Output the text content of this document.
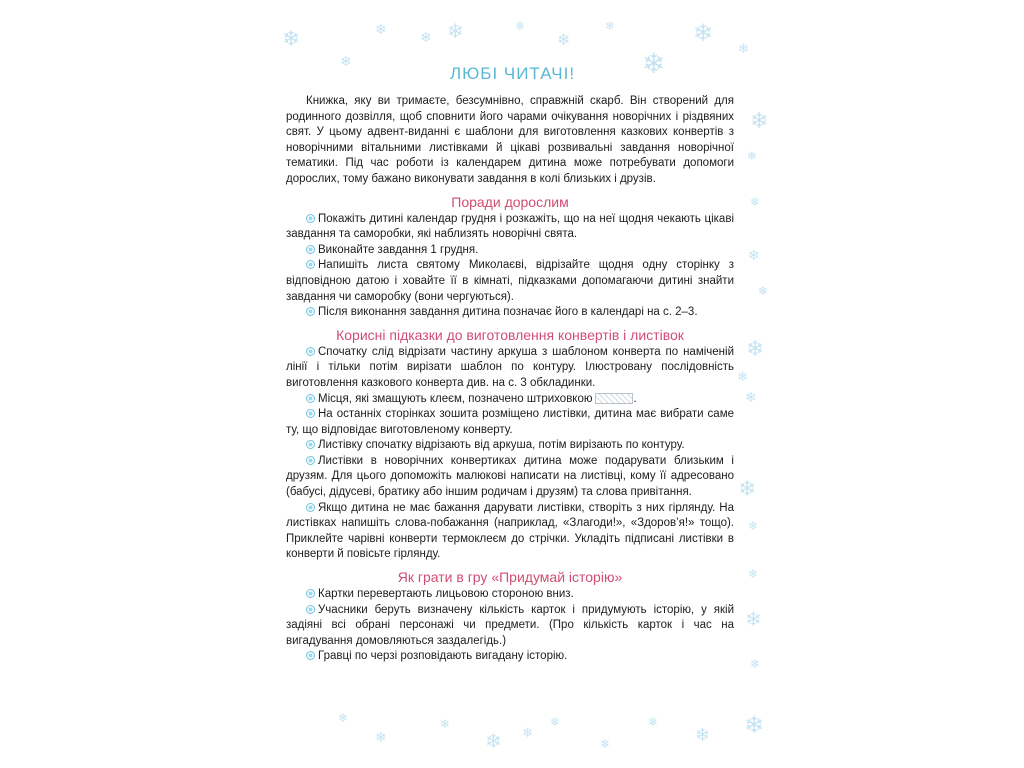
❄
❄
❄ ❄ ❄	❄
❄
❄
❄
❄
❄
❄
❄
❄
❄
❄
❄
❄
❄
❄
❄
❄
❄
❄
❄
❄
❄
❄
❄
❄
❄
❄
❄
❄
ЛЮБІ ЧИТАЧІ!

Книжка, яку ви тримаєте, безсумнівно, справжній скарб. Він створений для родинного дозвілля, щоб сповнити його чарами очікування новорічних і різдвяних свят. У цьому адвент-виданні є шаблони для виготовлення казкових конвертів з новорічними вітальними листівками й цікаві розвивальні завдання новорічної тематики. Під час роботи із календарем дитина може потребувати допомоги дорослих, тому бажано виконувати завдання в колі близьких і друзів.

Поради дорослим
Покажіть дитині календар грудня і розкажіть, що на неї щодня чекають цікаві завдання та саморобки, які наблизять новорічні свята.
Виконайте завдання 1 грудня.
Напишіть листа святому Миколаєві, відрізайте щодня одну сторінку з відповідною датою і ховайте її в кімнаті, підказками допомагаючи дитині знайти завдання чи саморобку (вони чергуються).
Після виконання завдання дитина позначає його в календарі на с. 2–3.
Корисні підказки до виготовлення конвертів і листівок
Спочатку слід відрізати частину аркуша з шаблоном конверта по наміченій лінії і тільки потім вирізати шаблон по контуру. Ілюстровану послідовність виготовлення казкового конверта див. на с. 3 обкладинки.
Місця, які змащують клеєм, позначено штриховкою	.
На останніх сторінках зошита розміщено листівки, дитина має вибрати саме ту, що відповідає виготовленому конверту.
Листівку спочатку відрізають від аркуша, потім вирізають по контуру.
Листівки в новорічних конвертиках дитина може подарувати близьким і друзям. Для цього допоможіть малюкові написати на листівці, кому її адресовано (бабусі, дідусеві, братику або іншим родичам і друзям) та слова привітання.
Якщо дитина не має бажання дарувати листівки, створіть з них гірлянду. На листівках напишіть слова-побажання (наприклад, «Злагоди!», «Здоров’я!» тощо). Приклейте чарівні конверти термоклеєм до стрічки. Укладіть підписані листівки в конверти й повісьте гірлянду.
Як грати в гру «Придумай історію»
Картки перевертають лицьовою стороною вниз.
Учасники беруть визначену кількість карток і придумують історію, у якій задіяні всі обрані персонажі чи предмети. (Про кількість карток і час на вигадування домовляються заздалегідь.)
Гравці по черзі розповідають вигадану історію.
